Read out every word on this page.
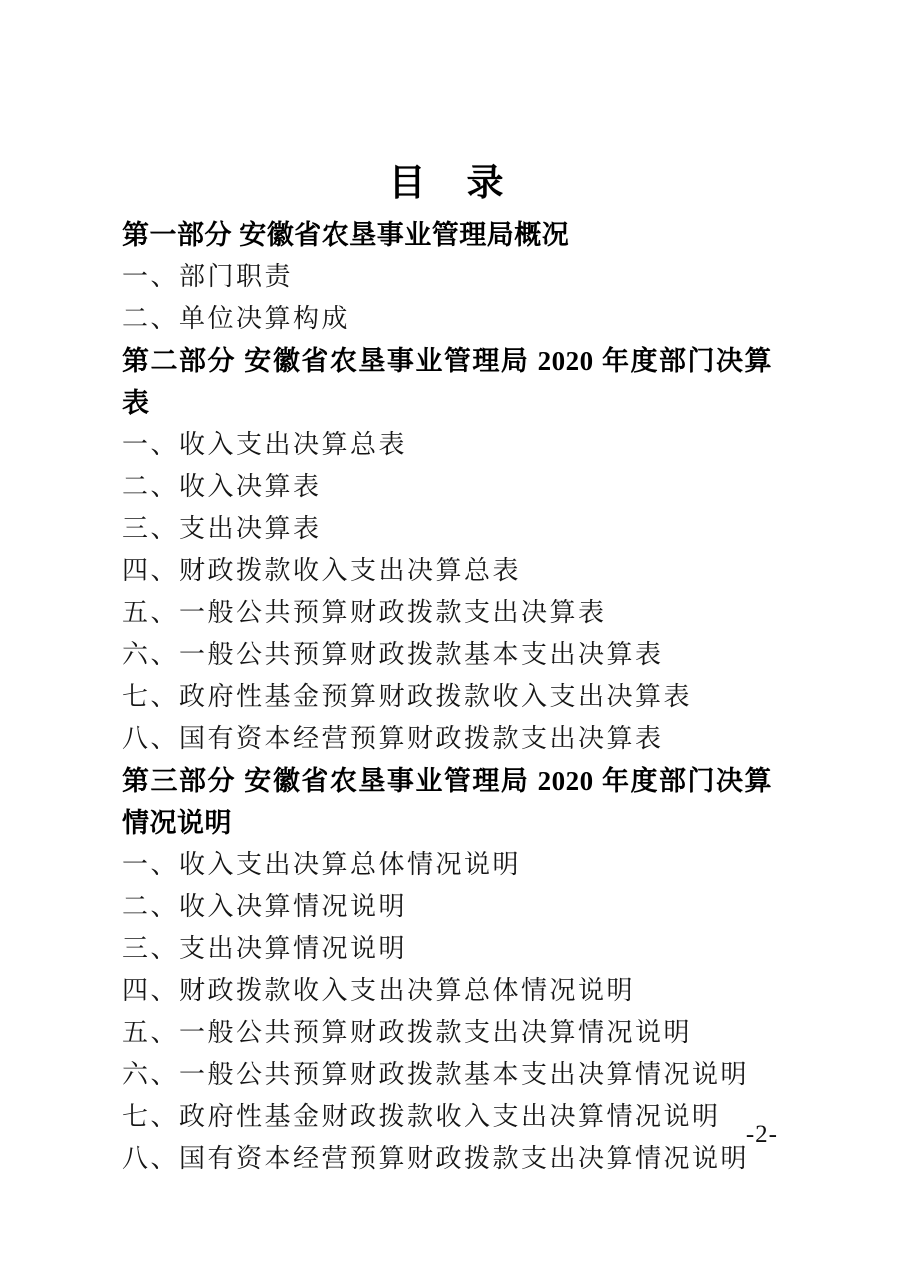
目　录
第一部分 安徽省农垦事业管理局概况
一、部门职责
二、单位决算构成
第二部分 安徽省农垦事业管理局 2020 年度部门决算表
一、收入支出决算总表
二、收入决算表
三、支出决算表
四、财政拨款收入支出决算总表
五、一般公共预算财政拨款支出决算表
六、一般公共预算财政拨款基本支出决算表
七、政府性基金预算财政拨款收入支出决算表
八、国有资本经营预算财政拨款支出决算表
第三部分 安徽省农垦事业管理局 2020 年度部门决算情况说明
一、收入支出决算总体情况说明
二、收入决算情况说明
三、支出决算情况说明
四、财政拨款收入支出决算总体情况说明
五、一般公共预算财政拨款支出决算情况说明
六、一般公共预算财政拨款基本支出决算情况说明
七、政府性基金财政拨款收入支出决算情况说明
八、国有资本经营预算财政拨款支出决算情况说明
-2-
